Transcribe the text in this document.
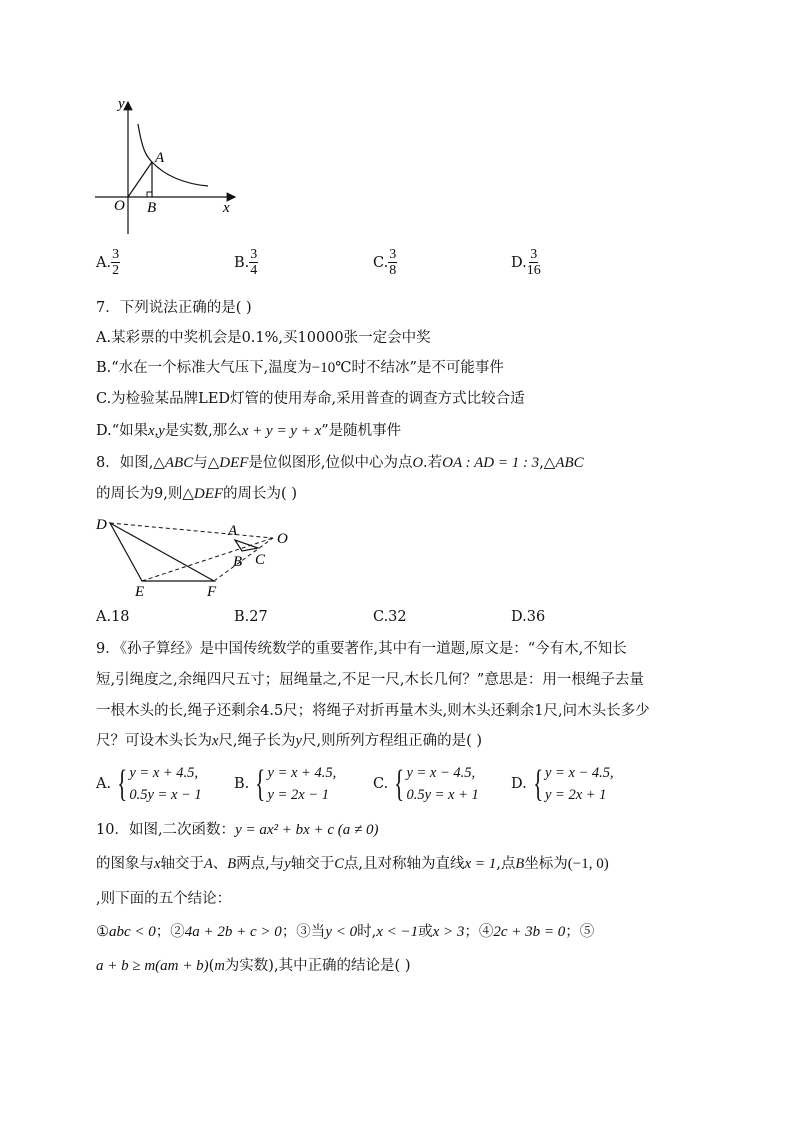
y
x
O
A
B
A. $\frac{3}{2}$	B. $\frac{3}{4}$	C. $\frac{3}{8}$	D. $\frac{3}{16}$
7．下列说法正确的是( )
A.某彩票的中奖机会是0.1%,买10000张一定会中奖
B.“水在一个标准大气压下,温度为−10℃时不结冰”是不可能事件
C.为检验某品牌LED灯管的使用寿命,采用普查的调查方式比较合适
D.“如果x,y是实数,那么x + y = y + x”是随机事件
8．如图,△ABC与△DEF是位似图形,位似中心为点O.若OA : AD = 1 : 3,△ABC
的周长为9,则△DEF的周长为( )
D	A	O
B C
E	F
A.18	B.27	C.32	D.36
9．《孙子算经》是中国传统数学的重要著作,其中有一道题,原文是：“今有木,不知长
短,引绳度之,余绳四尺五寸；屈绳量之,不足一尺,木长几何？”意思是：用一根绳子去量
一根木头的长,绳子还剩余4.5尺；将绳子对折再量木头,则木头还剩余1尺,问木头长多少
尺？可设木头长为x尺,绳子长为y尺,则所列方程组正确的是( )
A. { y = x + 4.5,
0.5y = x − 1
B. { y = x + 4.5,
y = 2x − 1
C. { y = x − 4.5,
0.5y = x + 1
D. { y = x − 4.5,
y = 2x + 1
10．如图,二次函数：y = ax² + bx + c (a ≠ 0)
的图象与x轴交于A、B两点,与y轴交于C点,且对称轴为直线x = 1,点B坐标为(−1, 0)
,则下面的五个结论：
①abc < 0；②4a + 2b + c > 0；③当y < 0时,x < −1或x > 3；④2c + 3b = 0；⑤
a + b ≥ m(am + b)(m为实数),其中正确的结论是( )
